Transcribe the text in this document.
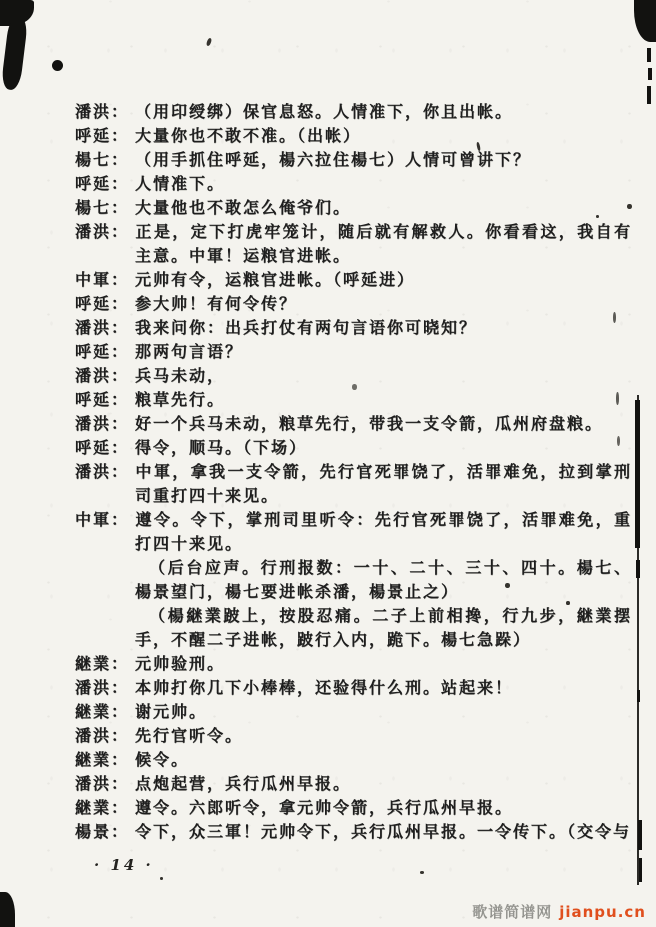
潘洪： （用印绶绑）保官息怒。人情准下，你且出帐。
呼延： 大量你也不敢不准。（出帐）
楊七： （用手抓住呼延，楊六拉住楊七）人情可曾讲下？
呼延： 人情准下。
楊七： 大量他也不敢怎么俺爷们。
潘洪： 正是，定下打虎牢笼计，随后就有解救人。你看看这，我自有主意。中軍！运粮官进帐。
中軍： 元帅有令，运粮官进帐。（呼延进）
呼延： 参大帅！有何令传？
潘洪： 我来问你：出兵打仗有两句言语你可晓知？
呼延： 那两句言语？
潘洪： 兵马未动，
呼延： 粮草先行。
潘洪： 好一个兵马未动，粮草先行，带我一支令箭，瓜州府盘粮。
呼延： 得令，顺马。（下场）
潘洪： 中軍，拿我一支令箭，先行官死罪饶了，活罪难免，拉到掌刑司重打四十来见。
中軍： 遵令。令下，掌刑司里听令：先行官死罪饶了，活罪难免，重打四十来见。
（后台应声。行刑报数：一十、二十、三十、四十。楊七、楊景望门，楊七要进帐杀潘，楊景止之）
（楊継業跛上，按股忍痛。二子上前相搀，行九步，継業摆手，不醒二子进帐，跛行入内，跪下。楊七急跺）
継業： 元帅验刑。
潘洪： 本帅打你几下小棒棒，还验得什么刑。站起来！
継業： 谢元帅。
潘洪： 先行官听令。
継業： 候令。
潘洪： 点炮起营，兵行瓜州早报。
継業： 遵令。六郎听令，拿元帅令箭，兵行瓜州早报。
楊景： 令下，众三軍！元帅令下，兵行瓜州早报。一令传下。（交令与
· 14 ·
歌谱简谱网 jianpu.cn
